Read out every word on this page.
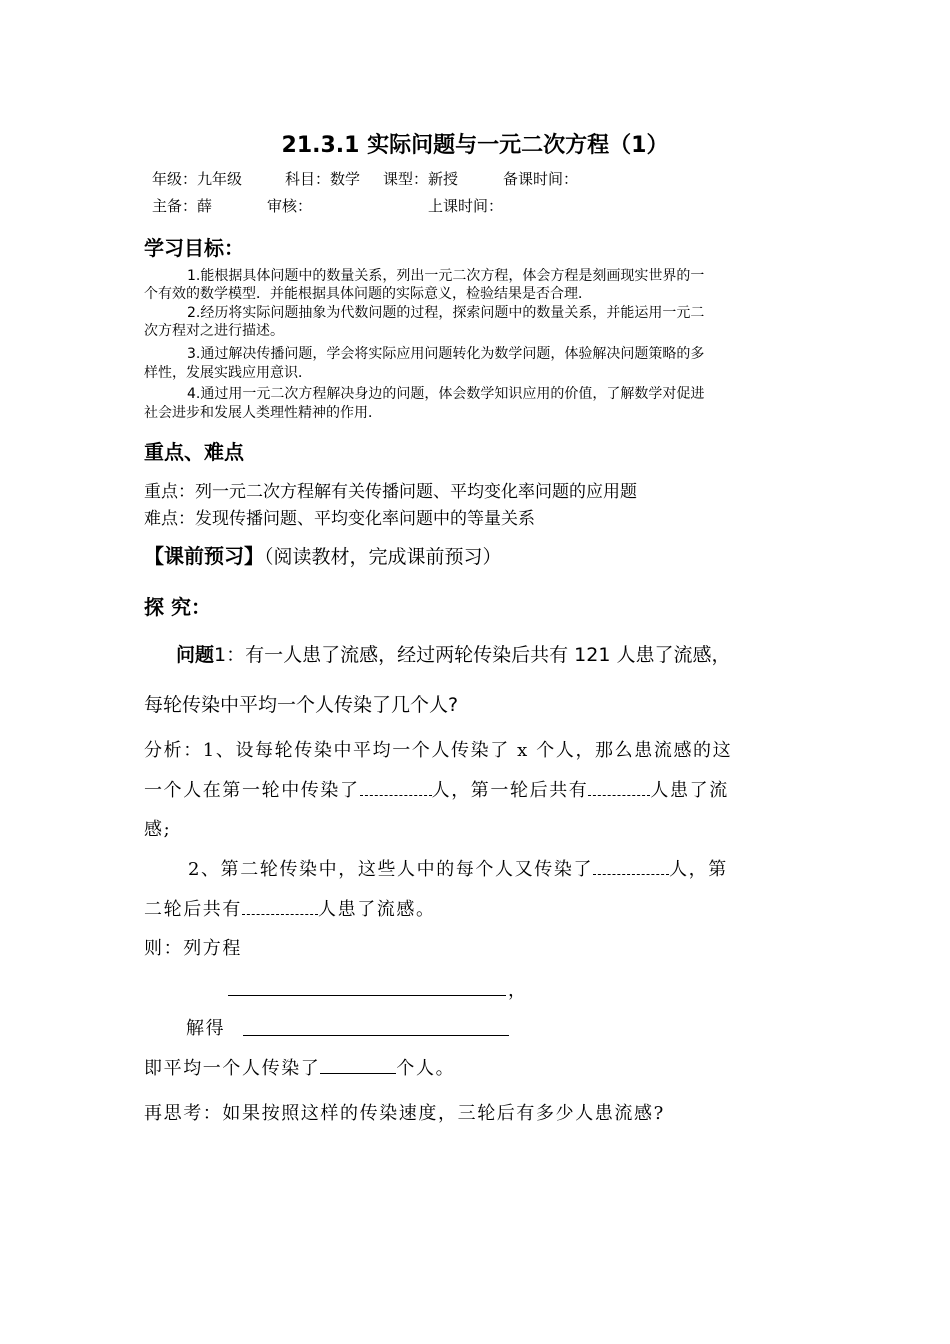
21.3.1 实际问题与一元二次方程（1）
年级：九年级	科目：数学 课型：新授	备课时间：
主备：薛	审核：	上课时间：
学习目标：
1.能根据具体问题中的数量关系，列出一元二次方程，体会方程是刻画现实世界的一
个有效的数学模型．并能根据具体问题的实际意义，检验结果是否合理．
2.经历将实际问题抽象为代数问题的过程，探索问题中的数量关系，并能运用一元二
次方程对之进行描述。
3.通过解决传播问题，学会将实际应用问题转化为数学问题，体验解决问题策略的多
样性，发展实践应用意识．
4.通过用一元二次方程解决身边的问题，体会数学知识应用的价值，了解数学对促进
社会进步和发展人类理性精神的作用．
重点、难点
重点：列一元二次方程解有关传播问题、平均变化率问题的应用题
难点：发现传播问题、平均变化率问题中的等量关系
【课前预习】（阅读教材，完成课前预习）
探 究：
问题1：有一人患了流感，经过两轮传染后共有 121 人患了流感，
每轮传染中平均一个人传染了几个人?
分析：1、设每轮传染中平均一个人传染了 x 个人，那么患流感的这
一个人在第一轮中传染了	人，第一轮后共有	人患了流
感;
2、第二轮传染中，这些人中的每个人又传染了	人，第
二轮后共有	人患了流感。
则：列方程
，
解得
即平均一个人传染了	个人。
再思考：如果按照这样的传染速度，三轮后有多少人患流感?
